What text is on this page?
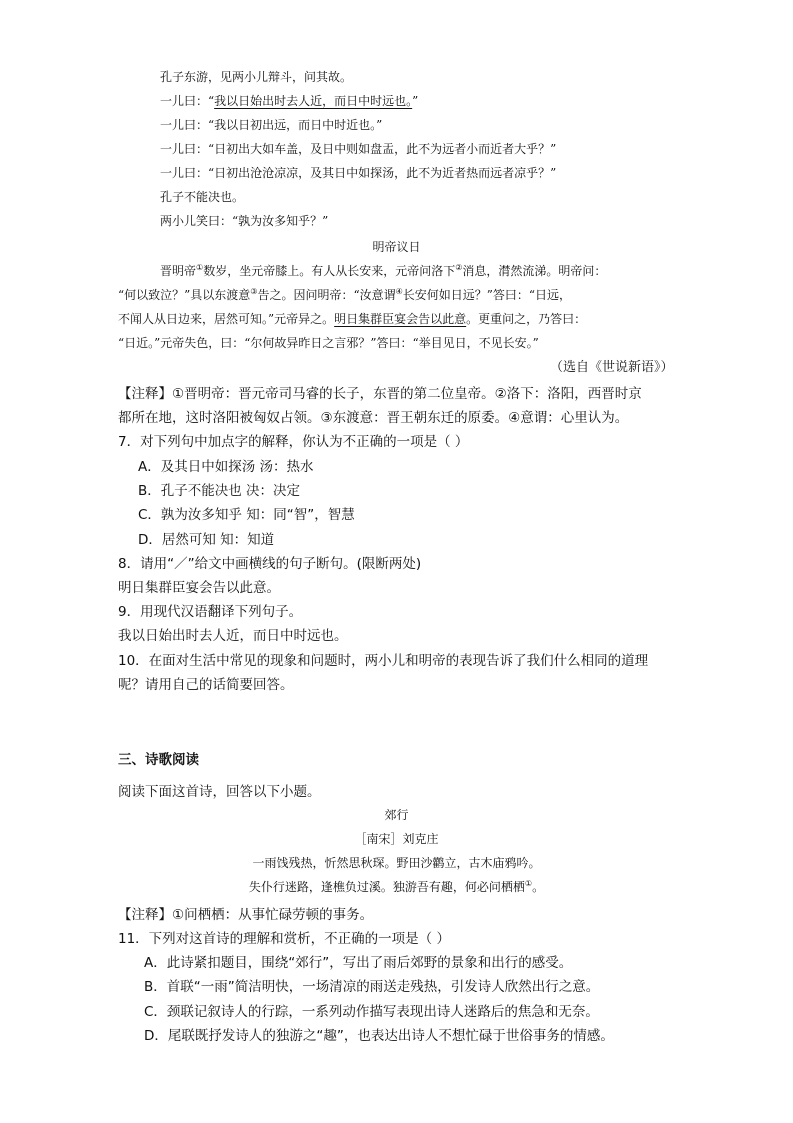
孔子东游，见两小儿辩斗，问其故。
一儿曰：“我以日始出时去人近，而日中时远也。”
一儿曰：“我以日初出远，而日中时近也。”
一儿曰：“日初出大如车盖，及日中则如盘盂，此不为远者小而近者大乎？”
一儿曰：“日初出沧沧凉凉，及其日中如探汤，此不为近者热而远者凉乎？”
孔子不能决也。
两小儿笑曰：“孰为汝多知乎？”
明帝议日
晋明帝①数岁，坐元帝膝上。有人从长安来，元帝问洛下②消息，潸然流涕。明帝问：
“何以致泣？”具以东渡意③告之。因问明帝：“汝意谓④长安何如日远？”答曰：“日远，
不闻人从日边来，居然可知。”元帝异之。明日集群臣宴会告以此意。更重问之，乃答曰：
“日近。”元帝失色，曰：“尔何故异昨日之言邪？”答曰：“举目见日，不见长安。”
（选自《世说新语》）
【注释】①晋明帝：晋元帝司马睿的长子，东晋的第二位皇帝。②洛下：洛阳，西晋时京
都所在地，这时洛阳被匈奴占领。③东渡意：晋王朝东迁的原委。④意谓：心里认为。
7．对下列句中加点字的解释，你认为不正确的一项是（ ）
A．及其日中如探汤 汤：热水
B．孔子不能决也 决：决定
C．孰为汝多知乎 知：同“智”，智慧
D．居然可知 知：知道
8．请用“／”给文中画横线的句子断句。(限断两处)
明日集群臣宴会告以此意。
9．用现代汉语翻译下列句子。
我以日始出时去人近，而日中时远也。
10．在面对生活中常见的现象和问题时，两小儿和明帝的表现告诉了我们什么相同的道理
呢？请用自己的话简要回答。
三、诗歌阅读
阅读下面这首诗，回答以下小题。
郊行
［南宋］刘克庄
一雨饯残热，忻然思秋琛。野田沙鹳立，古木庙鸦吟。
失仆行迷路，逢樵负过溪。独游吾有趣，何必问栖栖①。
【注释】①问栖栖：从事忙碌劳顿的事务。
11．下列对这首诗的理解和赏析，不正确的一项是（ ）
A．此诗紧扣题目，围绕“郊行”，写出了雨后郊野的景象和出行的感受。
B．首联“一雨”简洁明快，一场清凉的雨送走残热，引发诗人欣然出行之意。
C．颈联记叙诗人的行踪，一系列动作描写表现出诗人迷路后的焦急和无奈。
D．尾联既抒发诗人的独游之“趣”，也表达出诗人不想忙碌于世俗事务的情感。
